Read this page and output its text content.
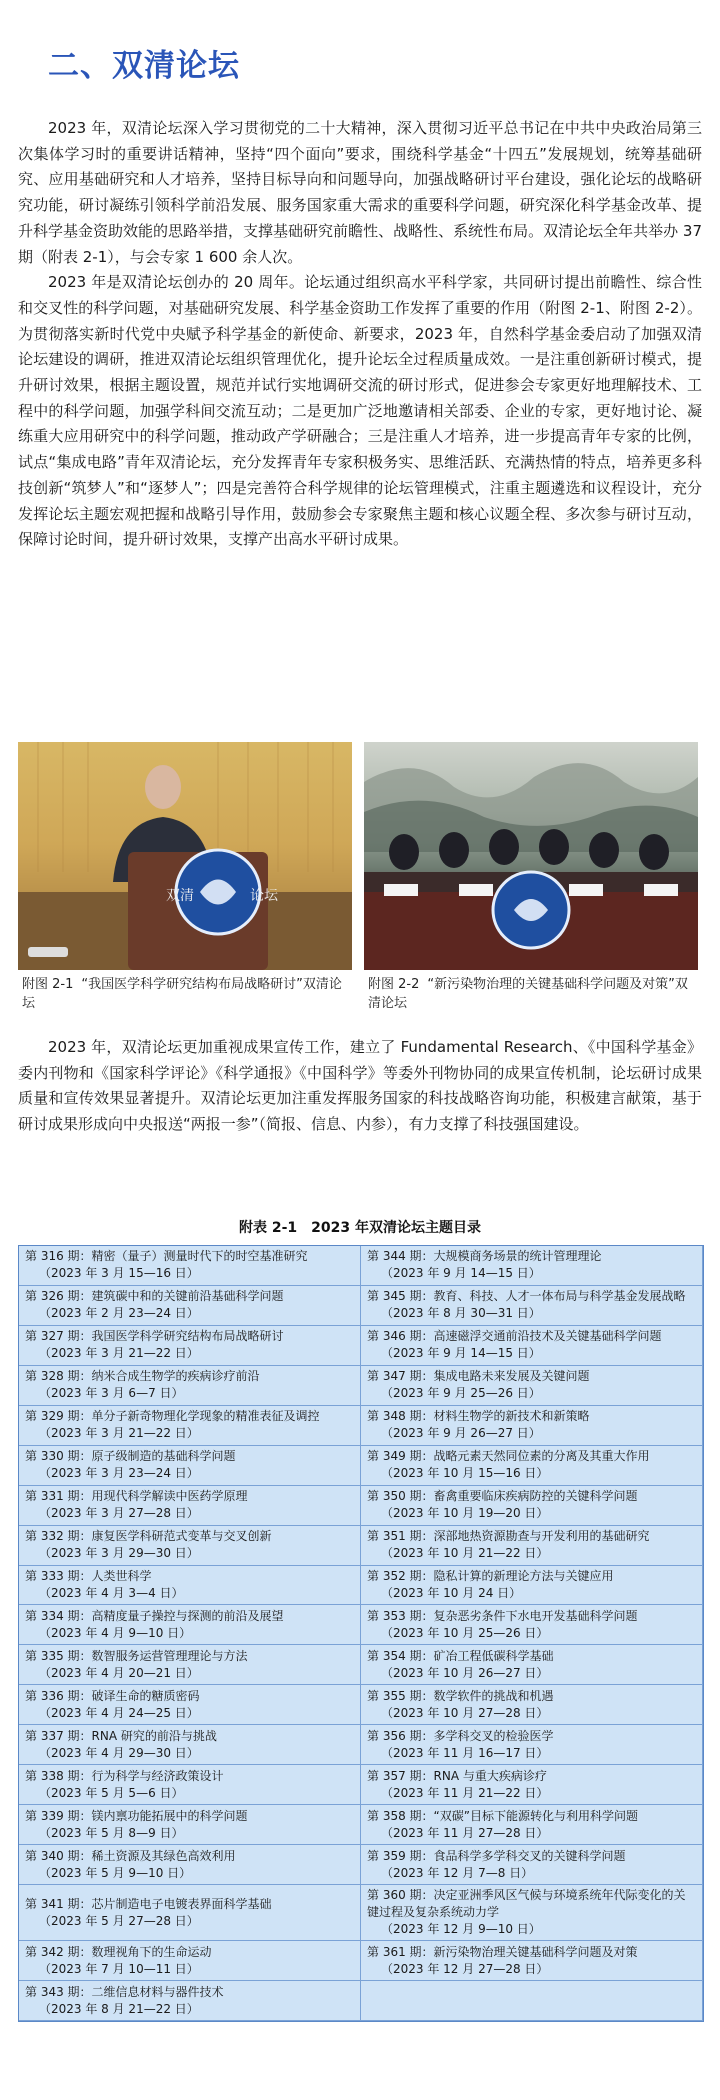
二、双清论坛

2023 年，双清论坛深入学习贯彻党的二十大精神，深入贯彻习近平总书记在中共中央政治局第三次集体学习时的重要讲话精神，坚持“四个面向”要求，围绕科学基金“十四五”发展规划，统筹基础研究、应用基础研究和人才培养，坚持目标导向和问题导向，加强战略研讨平台建设，强化论坛的战略研究功能，研讨凝练引领科学前沿发展、服务国家重大需求的重要科学问题，研究深化科学基金改革、提升科学基金资助效能的思路举措，支撑基础研究前瞻性、战略性、系统性布局。双清论坛全年共举办 37 期（附表 2-1），与会专家 1 600 余人次。

2023 年是双清论坛创办的 20 周年。论坛通过组织高水平科学家，共同研讨提出前瞻性、综合性和交叉性的科学问题，对基础研究发展、科学基金资助工作发挥了重要的作用（附图 2-1、附图 2-2）。为贯彻落实新时代党中央赋予科学基金的新使命、新要求，2023 年，自然科学基金委启动了加强双清论坛建设的调研，推进双清论坛组织管理优化，提升论坛全过程质量成效。一是注重创新研讨模式，提升研讨效果，根据主题设置，规范并试行实地调研交流的研讨形式，促进参会专家更好地理解技术、工程中的科学问题，加强学科间交流互动；二是更加广泛地邀请相关部委、企业的专家，更好地讨论、凝练重大应用研究中的科学问题，推动政产学研融合；三是注重人才培养，进一步提高青年专家的比例，试点“集成电路”青年双清论坛，充分发挥青年专家积极务实、思维活跃、充满热情的特点，培养更多科技创新“筑梦人”和“逐梦人”；四是完善符合科学规律的论坛管理模式，注重主题遴选和议程设计，充分发挥论坛主题宏观把握和战略引导作用，鼓励参会专家聚焦主题和核心议题全程、多次参与研讨互动，保障讨论时间，提升研讨效果，支撑产出高水平研讨成果。

双清	论坛
附图 2-1 “我国医学科学研究结构布局战略研讨”双清论坛
附图 2-2 “新污染物治理的关键基础科学问题及对策”双清论坛

2023 年，双清论坛更加重视成果宣传工作，建立了 Fundamental Research、《中国科学基金》委内刊物和《国家科学评论》《科学通报》《中国科学》等委外刊物协同的成果宣传机制，论坛研讨成果质量和宣传效果显著提升。双清论坛更加注重发挥服务国家的科技战略咨询功能，积极建言献策，基于研讨成果形成向中央报送“两报一参”（简报、信息、内参），有力支撑了科技强国建设。

附表 2-1　2023 年双清论坛主题目录
第 316 期：精密（量子）测量时代下的时空基准研究
（2023 年 3 月 15—16 日）
第 344 期：大规模商务场景的统计管理理论
（2023 年 9 月 14—15 日）
第 326 期：建筑碳中和的关键前沿基础科学问题
（2023 年 2 月 23—24 日）
第 345 期：教育、科技、人才一体布局与科学基金发展战略
（2023 年 8 月 30—31 日）
第 327 期：我国医学科学研究结构布局战略研讨
（2023 年 3 月 21—22 日）
第 346 期：高速磁浮交通前沿技术及关键基础科学问题
（2023 年 9 月 14—15 日）
第 328 期：纳米合成生物学的疾病诊疗前沿
（2023 年 3 月 6—7 日）
第 347 期：集成电路未来发展及关键问题
（2023 年 9 月 25—26 日）
第 329 期：单分子新奇物理化学现象的精准表征及调控
（2023 年 3 月 21—22 日）
第 348 期：材料生物学的新技术和新策略
（2023 年 9 月 26—27 日）
第 330 期：原子级制造的基础科学问题
（2023 年 3 月 23—24 日）
第 349 期：战略元素天然同位素的分离及其重大作用
（2023 年 10 月 15—16 日）
第 331 期：用现代科学解读中医药学原理
（2023 年 3 月 27—28 日）
第 350 期：畜禽重要临床疾病防控的关键科学问题
（2023 年 10 月 19—20 日）
第 332 期：康复医学科研范式变革与交叉创新
（2023 年 3 月 29—30 日）
第 351 期：深部地热资源勘查与开发利用的基础研究
（2023 年 10 月 21—22 日）
第 333 期：人类世科学
（2023 年 4 月 3—4 日）
第 352 期：隐私计算的新理论方法与关键应用
（2023 年 10 月 24 日）
第 334 期：高精度量子操控与探测的前沿及展望
（2023 年 4 月 9—10 日）
第 353 期：复杂恶劣条件下水电开发基础科学问题
（2023 年 10 月 25—26 日）
第 335 期：数智服务运营管理理论与方法
（2023 年 4 月 20—21 日）
第 354 期：矿冶工程低碳科学基础
（2023 年 10 月 26—27 日）
第 336 期：破译生命的糖质密码
（2023 年 4 月 24—25 日）
第 355 期：数学软件的挑战和机遇
（2023 年 10 月 27—28 日）
第 337 期：RNA 研究的前沿与挑战
（2023 年 4 月 29—30 日）
第 356 期：多学科交叉的检验医学
（2023 年 11 月 16—17 日）
第 338 期：行为科学与经济政策设计
（2023 年 5 月 5—6 日）
第 357 期：RNA 与重大疾病诊疗
（2023 年 11 月 21—22 日）
第 339 期：镁内禀功能拓展中的科学问题
（2023 年 5 月 8—9 日）
第 358 期：“双碳”目标下能源转化与利用科学问题
（2023 年 11 月 27—28 日）
第 340 期：稀土资源及其绿色高效利用
（2023 年 5 月 9—10 日）
第 359 期：食品科学多学科交叉的关键科学问题
（2023 年 12 月 7—8 日）
第 341 期：芯片制造电子电镀表界面科学基础
（2023 年 5 月 27—28 日）
第 360 期：决定亚洲季风区气候与环境系统年代际变化的关键过程及复杂系统动力学
（2023 年 12 月 9—10 日）
第 342 期：数理视角下的生命运动
（2023 年 7 月 10—11 日）
第 361 期：新污染物治理关键基础科学问题及对策
（2023 年 12 月 27—28 日）
第 343 期：二维信息材料与器件技术
（2023 年 8 月 21—22 日）
